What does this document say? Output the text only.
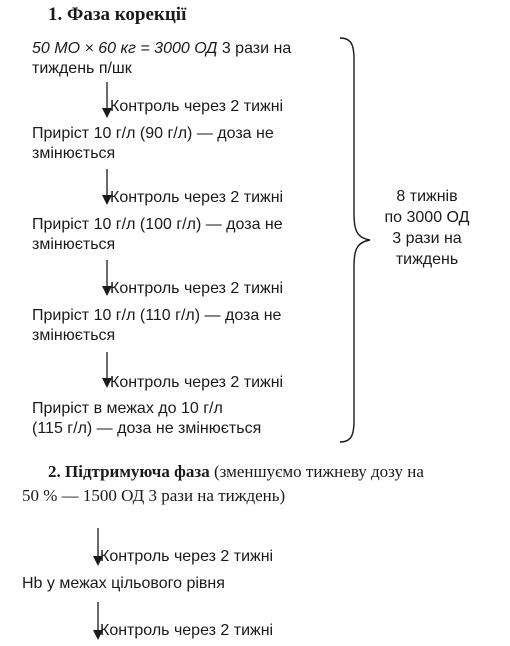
1. Фаза корекції
50 МО × 60 кг = 3000 ОД 3 рази на
тиждень п/шк
Контроль через 2 тижні
Приріст 10 г/л (90 г/л) — доза не
змінюється
Контроль через 2 тижні
Приріст 10 г/л (100 г/л) — доза не
змінюється
Контроль через 2 тижні
Приріст 10 г/л (110 г/л) — доза не
змінюється
Контроль через 2 тижні
Приріст в межах до 10 г/л
(115 г/л) — доза не змінюється
8 тижнів
по 3000 ОД
3 рази на
тиждень
2. Підтримуюча фаза (зменшуємо тижневу дозу на
50 % — 1500 ОД 3 рази на тиждень)
Контроль через 2 тижні
Hb у межах цільового рівня
Контроль через 2 тижні
